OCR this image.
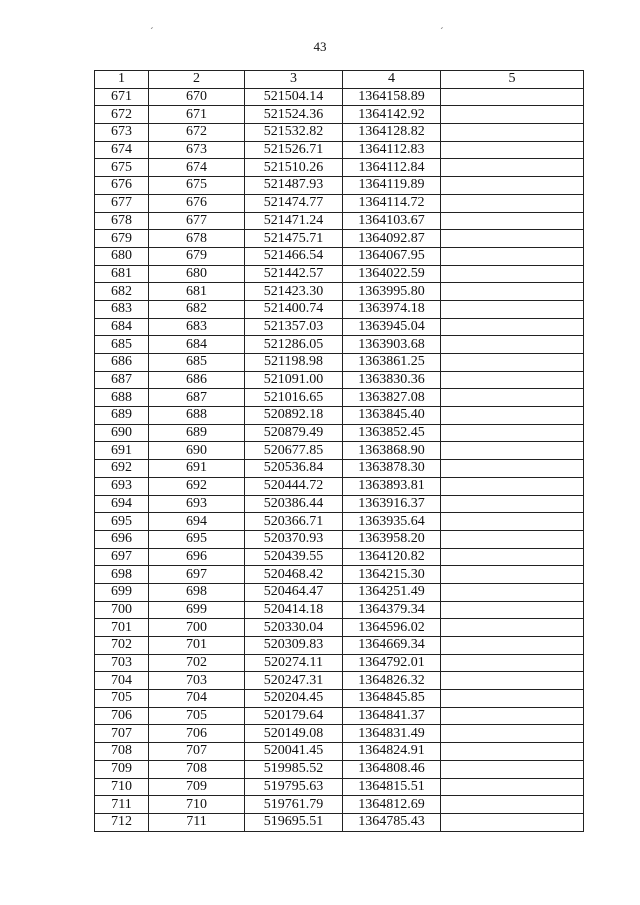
ˊ	ˊ
43
1	2	3	4	5
671	670	521504.14	1364158.89	
672	671	521524.36	1364142.92	
673	672	521532.82	1364128.82	
674	673	521526.71	1364112.83	
675	674	521510.26	1364112.84	
676	675	521487.93	1364119.89	
677	676	521474.77	1364114.72	
678	677	521471.24	1364103.67	
679	678	521475.71	1364092.87	
680	679	521466.54	1364067.95	
681	680	521442.57	1364022.59	
682	681	521423.30	1363995.80	
683	682	521400.74	1363974.18	
684	683	521357.03	1363945.04	
685	684	521286.05	1363903.68	
686	685	521198.98	1363861.25	
687	686	521091.00	1363830.36	
688	687	521016.65	1363827.08	
689	688	520892.18	1363845.40	
690	689	520879.49	1363852.45	
691	690	520677.85	1363868.90	
692	691	520536.84	1363878.30	
693	692	520444.72	1363893.81	
694	693	520386.44	1363916.37	
695	694	520366.71	1363935.64	
696	695	520370.93	1363958.20	
697	696	520439.55	1364120.82	
698	697	520468.42	1364215.30	
699	698	520464.47	1364251.49	
700	699	520414.18	1364379.34	
701	700	520330.04	1364596.02	
702	701	520309.83	1364669.34	
703	702	520274.11	1364792.01	
704	703	520247.31	1364826.32	
705	704	520204.45	1364845.85	
706	705	520179.64	1364841.37	
707	706	520149.08	1364831.49	
708	707	520041.45	1364824.91	
709	708	519985.52	1364808.46	
710	709	519795.63	1364815.51	
711	710	519761.79	1364812.69	
712	711	519695.51	1364785.43	
